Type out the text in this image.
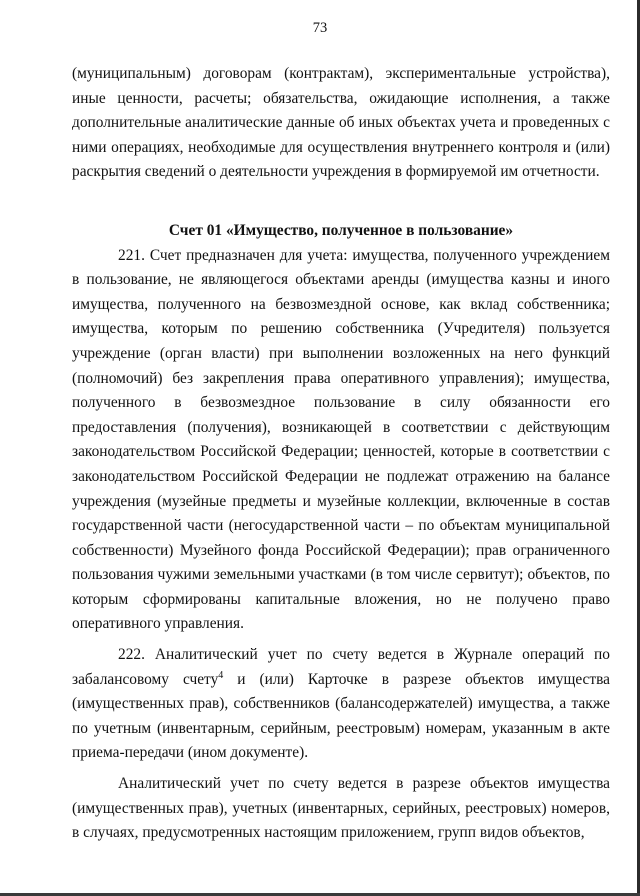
73

(муниципальным) договорам (контрактам), экспериментальные устройства), иные ценности, расчеты; обязательства, ожидающие исполнения, а также дополнительные аналитические данные об иных объектах учета и проведенных с ними операциях, необходимые для осуществления внутреннего контроля и (или) раскрытия сведений о деятельности учреждения в формируемой им отчетности.

Счет 01 «Имущество, полученное в пользование»

221. Счет предназначен для учета: имущества, полученного учреждением в пользование, не являющегося объектами аренды (имущества казны и иного имущества, полученного на безвозмездной основе, как вклад собственника; имущества, которым по решению собственника (Учредителя) пользуется учреждение (орган власти) при выполнении возложенных на него функций (полномочий) без закрепления права оперативного управления); имущества, полученного в безвозмездное пользование в силу обязанности его предоставления (получения), возникающей в соответствии с действующим законодательством Российской Федерации; ценностей, которые в соответствии с законодательством Российской Федерации не подлежат отражению на балансе учреждения (музейные предметы и музейные коллекции, включенные в состав государственной части (негосударственной части – по объектам муниципальной собственности) Музейного фонда Российской Федерации); прав ограниченного пользования чужими земельными участками (в том числе сервитут); объектов, по которым сформированы капитальные вложения, но не получено право оперативного управления.

222. Аналитический учет по счету ведется в Журнале операций по забалансовому счету$^4$ и (или) Карточке в разрезе объектов имущества (имущественных прав), собственников (балансодержателей) имущества, а также по учетным (инвентарным, серийным, реестровым) номерам, указанным в акте приема-передачи (ином документе).

Аналитический учет по счету ведется в разрезе объектов имущества (имущественных прав), учетных (инвентарных, серийных, реестровых) номеров, в случаях, предусмотренных настоящим приложением, групп видов объектов,
